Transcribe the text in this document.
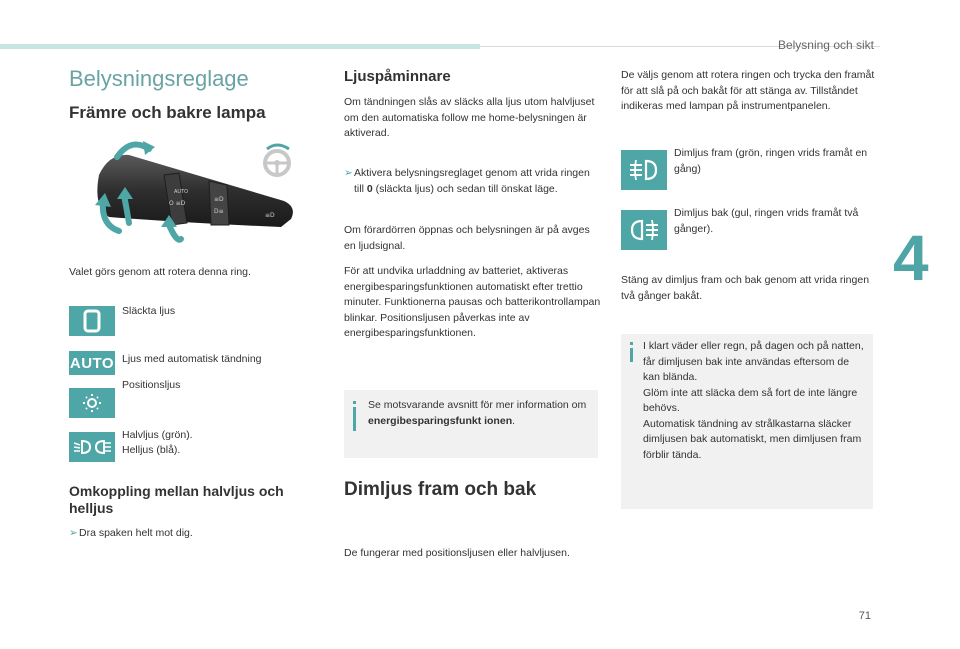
Belysning och sikt
4
71
Belysningsreglage
Främre och bakre lampa
AUTO
O ≡D
≡D
D≡
≡D
Valet görs genom att rotera denna ring.
Släckta ljus
AUTO Ljus med automatisk tändning
Positionsljus
Halvljus (grön).
Helljus (blå).
Omkoppling mellan halvljus och helljus
➢Dra spaken helt mot dig.
Ljuspåminnare
Om tändningen slås av släcks alla ljus utom halvljuset om den automatiska follow me home-belysningen är aktiverad.
➢ Aktivera belysningsreglaget genom att vrida ringen till 0 (släckta ljus) och sedan till önskat läge.
Om förardörren öppnas och belysningen är på avges en ljudsignal.
För att undvika urladdning av batteriet, aktiveras energibesparingsfunktionen automatiskt efter trettio minuter. Funktionerna pausas och batterikontrollampan blinkar. Positionsljusen påverkas inte av energibesparingsfunktionen.
Se motsvarande avsnitt för mer information om energibesparingsfunkt ionen.
Dimljus fram och bak
De fungerar med positionsljusen eller halvljusen.
De väljs genom att rotera ringen och trycka den framåt för att slå på och bakåt för att stänga av. Tillståndet indikeras med lampan på instrumentpanelen.
Dimljus fram (grön, ringen vrids framåt en gång)
Dimljus bak (gul, ringen vrids framåt två gånger).
Stäng av dimljus fram och bak genom att vrida ringen två gånger bakåt.
I klart väder eller regn, på dagen och på natten, får dimljusen bak inte användas eftersom de kan blända.
Glöm inte att släcka dem så fort de inte längre behövs.
Automatisk tändning av strålkastarna släcker dimljusen bak automatiskt, men dimljusen fram förblir tända.
